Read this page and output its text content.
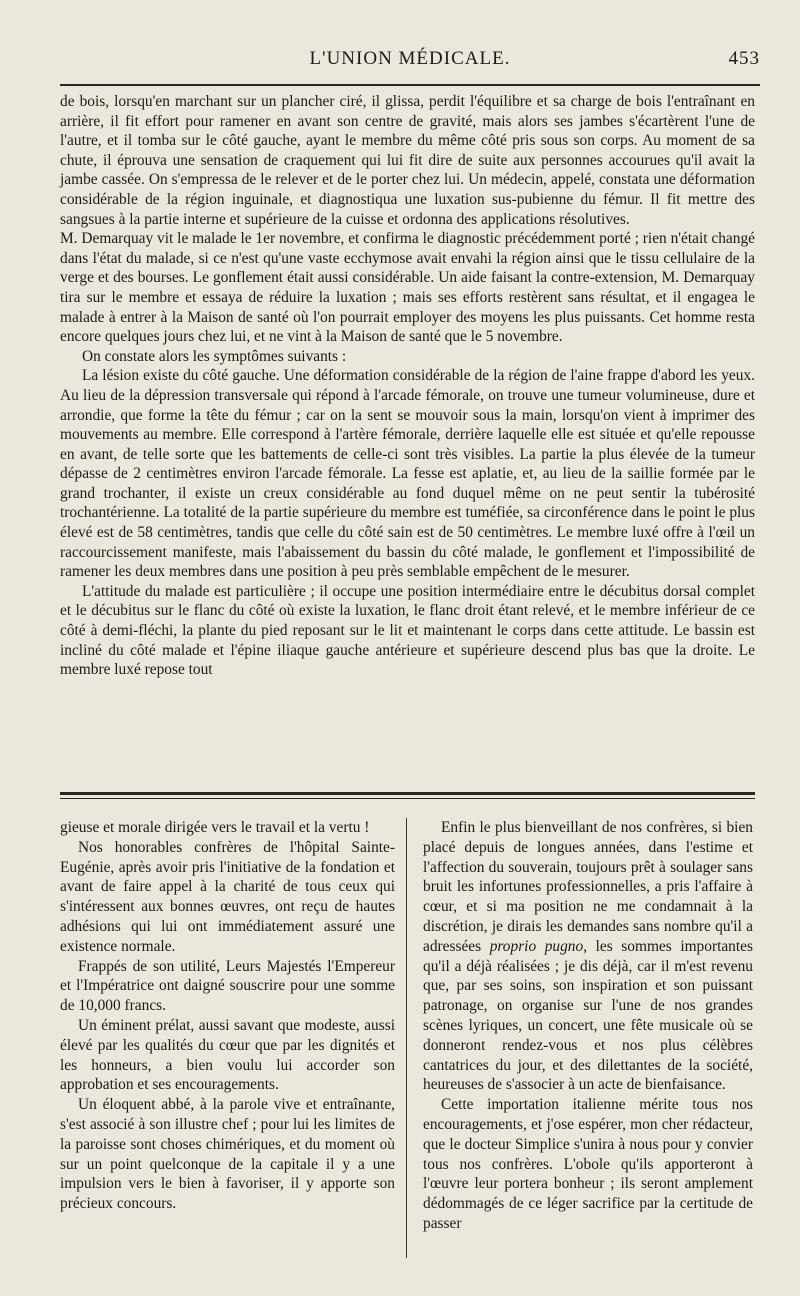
L'UNION MÉDICALE.	453

de bois, lorsqu'en marchant sur un plancher ciré, il glissa, perdit l'équilibre et sa charge de bois l'entraînant en arrière, il fit effort pour ramener en avant son centre de gravité, mais alors ses jambes s'écartèrent l'une de l'autre, et il tomba sur le côté gauche, ayant le membre du même côté pris sous son corps. Au moment de sa chute, il éprouva une sensation de craquement qui lui fit dire de suite aux personnes accourues qu'il avait la jambe cassée. On s'empressa de le relever et de le porter chez lui. Un médecin, appelé, constata une déformation considérable de la région inguinale, et diagnostiqua une luxation sus-pubienne du fémur. Il fit mettre des sangsues à la partie interne et supérieure de la cuisse et ordonna des applications résolutives.

M. Demarquay vit le malade le 1er novembre, et confirma le diagnostic précédemment porté ; rien n'était changé dans l'état du malade, si ce n'est qu'une vaste ecchymose avait envahi la région ainsi que le tissu cellulaire de la verge et des bourses. Le gonflement était aussi considérable. Un aide faisant la contre-extension, M. Demarquay tira sur le membre et essaya de réduire la luxation ; mais ses efforts restèrent sans résultat, et il engagea le malade à entrer à la Maison de santé où l'on pourrait employer des moyens les plus puissants. Cet homme resta encore quelques jours chez lui, et ne vint à la Maison de santé que le 5 novembre.

On constate alors les symptômes suivants :

La lésion existe du côté gauche. Une déformation considérable de la région de l'aine frappe d'abord les yeux. Au lieu de la dépression transversale qui répond à l'arcade fémorale, on trouve une tumeur volumineuse, dure et arrondie, que forme la tête du fémur ; car on la sent se mouvoir sous la main, lorsqu'on vient à imprimer des mouvements au membre. Elle correspond à l'artère fémorale, derrière laquelle elle est située et qu'elle repousse en avant, de telle sorte que les battements de celle-ci sont très visibles. La partie la plus élevée de la tumeur dépasse de 2 centimètres environ l'arcade fémorale. La fesse est aplatie, et, au lieu de la saillie formée par le grand trochanter, il existe un creux considérable au fond duquel même on ne peut sentir la tubérosité trochantérienne. La totalité de la partie supérieure du membre est tuméfiée, sa circonférence dans le point le plus élevé est de 58 centimètres, tandis que celle du côté sain est de 50 centimètres. Le membre luxé offre à l'œil un raccourcissement manifeste, mais l'abaissement du bassin du côté malade, le gonflement et l'impossibilité de ramener les deux membres dans une position à peu près semblable empêchent de le mesurer.

L'attitude du malade est particulière ; il occupe une position intermédiaire entre le décubitus dorsal complet et le décubitus sur le flanc du côté où existe la luxation, le flanc droit étant relevé, et le membre inférieur de ce côté à demi-fléchi, la plante du pied reposant sur le lit et maintenant le corps dans cette attitude. Le bassin est incliné du côté malade et l'épine iliaque gauche antérieure et supérieure descend plus bas que la droite. Le membre luxé repose tout

gieuse et morale dirigée vers le travail et la vertu !

Nos honorables confrères de l'hôpital Sainte-Eugénie, après avoir pris l'initiative de la fondation et avant de faire appel à la charité de tous ceux qui s'intéressent aux bonnes œuvres, ont reçu de hautes adhésions qui lui ont immédiatement assuré une existence normale.

Frappés de son utilité, Leurs Majestés l'Empereur et l'Impératrice ont daigné souscrire pour une somme de 10,000 francs.

Un éminent prélat, aussi savant que modeste, aussi élevé par les qualités du cœur que par les dignités et les honneurs, a bien voulu lui accorder son approbation et ses encouragements.

Un éloquent abbé, à la parole vive et entraînante, s'est associé à son illustre chef ; pour lui les limites de la paroisse sont choses chimériques, et du moment où sur un point quelconque de la capitale il y a une impulsion vers le bien à favoriser, il y apporte son précieux concours.

Enfin le plus bienveillant de nos confrères, si bien placé depuis de longues années, dans l'estime et l'affection du souverain, toujours prêt à soulager sans bruit les infortunes professionnelles, a pris l'affaire à cœur, et si ma position ne me condamnait à la discrétion, je dirais les demandes sans nombre qu'il a adressées proprio pugno, les sommes importantes qu'il a déjà réalisées ; je dis déjà, car il m'est revenu que, par ses soins, son inspiration et son puissant patronage, on organise sur l'une de nos grandes scènes lyriques, un concert, une fête musicale où se donneront rendez-vous et nos plus célèbres cantatrices du jour, et des dilettantes de la société, heureuses de s'associer à un acte de bienfaisance.

Cette importation italienne mérite tous nos encouragements, et j'ose espérer, mon cher rédacteur, que le docteur Simplice s'unira à nous pour y convier tous nos confrères. L'obole qu'ils apporteront à l'œuvre leur portera bonheur ; ils seront amplement dédommagés de ce léger sacrifice par la certitude de passer
